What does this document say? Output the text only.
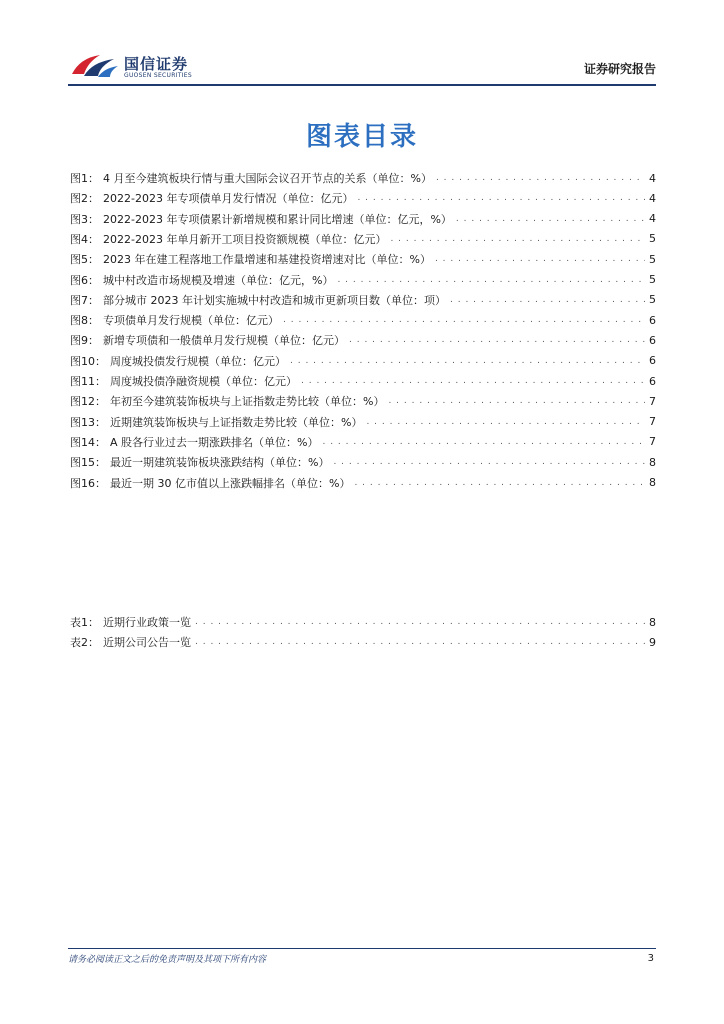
国信证券
GUOSEN SECURITIES	证券研究报告
图表目录
图1： 4 月至今建筑板块行情与重大国际会议召开节点的关系（单位：%） . . .	4
图2： 2022-2023 年专项债单月发行情况（单位：亿元） . . .	4
图3： 2022-2023 年专项债累计新增规模和累计同比增速（单位：亿元，%） . . .	4
图4： 2022-2023 年单月新开工项目投资额规模（单位：亿元） . . .	5
图5： 2023 年在建工程落地工作量增速和基建投资增速对比（单位：%） . . .	5
图6： 城中村改造市场规模及增速（单位：亿元，%） . . .	5
图7： 部分城市 2023 年计划实施城中村改造和城市更新项目数（单位：项） . . .	5
图8： 专项债单月发行规模（单位：亿元） . . .	6
图9： 新增专项债和一般债单月发行规模（单位：亿元） . . .	6
图10： 周度城投债发行规模（单位：亿元） . . .	6
图11： 周度城投债净融资规模（单位：亿元） . . .	6
图12： 年初至今建筑装饰板块与上证指数走势比较（单位：%） . . .	7
图13： 近期建筑装饰板块与上证指数走势比较（单位：%） . . .	7
图14： A 股各行业过去一期涨跌排名（单位：%） . . .	7
图15： 最近一期建筑装饰板块涨跌结构（单位：%） . . .	8
图16： 最近一期 30 亿市值以上涨跌幅排名（单位：%） . . .	8
表1： 近期行业政策一览 . . .	8
表2： 近期公司公告一览 . . .	9
请务必阅读正文之后的免责声明及其项下所有内容	3
